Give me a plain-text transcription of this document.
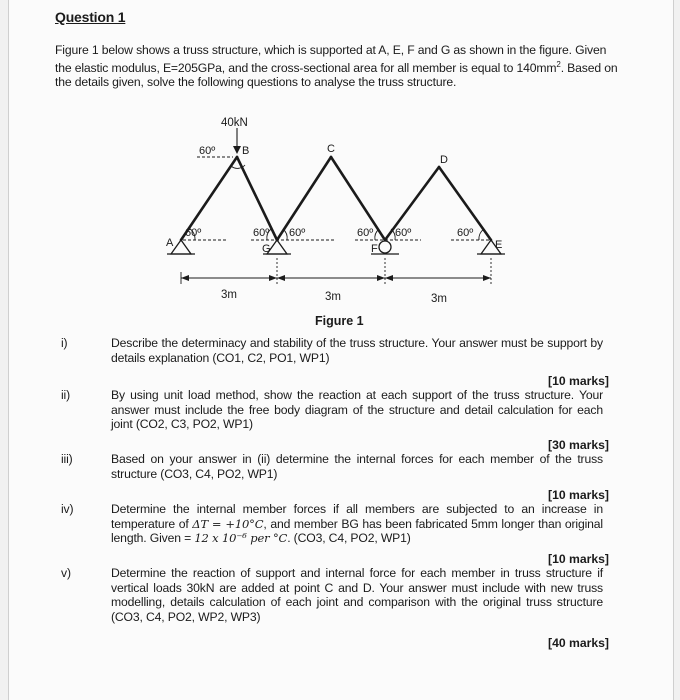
Question 1
Figure 1 below shows a truss structure, which is supported at A, E, F and G as shown in the figure. Given
the elastic modulus, E=205GPa, and the cross-sectional area for all member is equal to $140mm^2$. Based on
the details given, solve the following questions to analyse the truss structure.
40kN
60º
60º	60º 60º	60º 60º	60º
A
B	C
D
E
F
G
3m	3m	3m
Figure 1
i)	Describe the determinacy and stability of the truss structure. Your answer must be support by details explanation (CO1, C2, PO1, WP1)
[10 marks]
ii)	By using unit load method, show the reaction at each support of the truss structure. Your answer must include the free body diagram of the structure and detail calculation for each joint (CO2, C3, PO2, WP1)
[30 marks]
iii)	Based on your answer in (ii) determine the internal forces for each member of the truss structure (CO3, C4, PO2, WP1)
[10 marks]
iv)	Determine the internal member forces if all members are subjected to an increase in temperature of ΔT = +10°C, and member BG has been fabricated 5mm longer than original length. Given = 12 x 10⁻⁶ per °C. (CO3, C4, PO2, WP1)
[10 marks]
v)	Determine the reaction of support and internal force for each member in truss structure if vertical loads 30kN are added at point C and D. Your answer must include with new truss modelling, details calculation of each joint and comparison with the original truss structure (CO3, C4, PO2, WP2, WP3)
[40 marks]
